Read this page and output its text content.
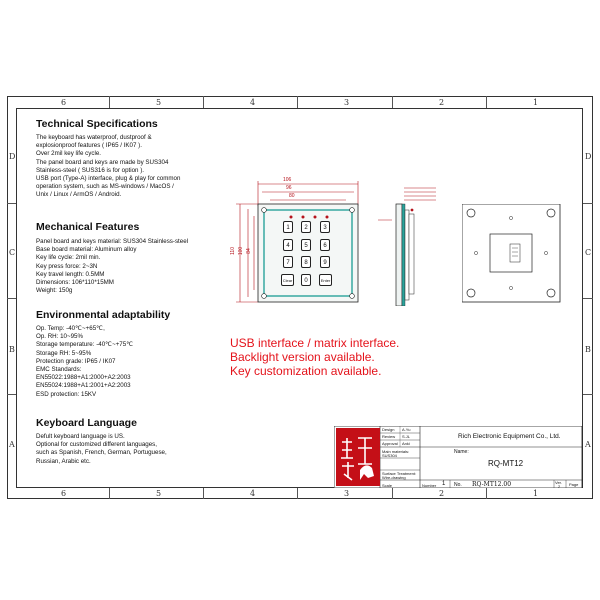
6	5	4	3	2	1
6	5	4	3	2	1
D
C
B
A
D
C
B
A
Technical Specifications
The keyboard has waterproof, dustproof &
explosionproof features ( IP65 / IK07 ).
Over 2mil key life cycle.
The panel board and keys are made by SUS304
Stainless-steel ( SUS316 is for option ).
USB port (Type-A) interface, plug & play for common
operation system, such as MS-windows / MacOS /
Unix / Linux / ArmOS / Android.
Mechanical Features
Panel board and keys material: SUS304 Stainless-steel
Base board material: Aluminum alloy
Key life cycle: 2mil min.
Key press force: 2~3N
Key travel length: 0.5MM
Dimensions: 106*110*15MM
Weight: 150g
Environmental adaptability
Op. Temp: -40℃~+65℃,
Op. RH: 10~95%
Storage temperature: -40℃~+75℃
Storage RH: 5~95%
Protection grade: IP65 / IK07
EMC Standards:
EN55022:1988+A1:2000+A2:2003
EN55024:1988+A1:2001+A2:2003
ESD protection: 15KV
Keyboard Language
Defult keyboard language is US.
Optional for customized different languages,
such as Spanish, French, German, Portuguese,
Russian, Arabic etc.
USB interface / matrix interface.
Backlight version available.
Key customization available.
106
96
80
110 100 84
1	2	3
4	5	6
7	8	9
Clear	0	Enter
Design A.Yu
Review S.JL
Approval Anki
Rich Electronic Equipment Co., Ltd.
Main materials:
SUS304
Name:
RQ-MT12
Surface Treatment:
Wire-drawing
Scale	Number 1 No. RQ-MT12.00	Ver.
2 Page
